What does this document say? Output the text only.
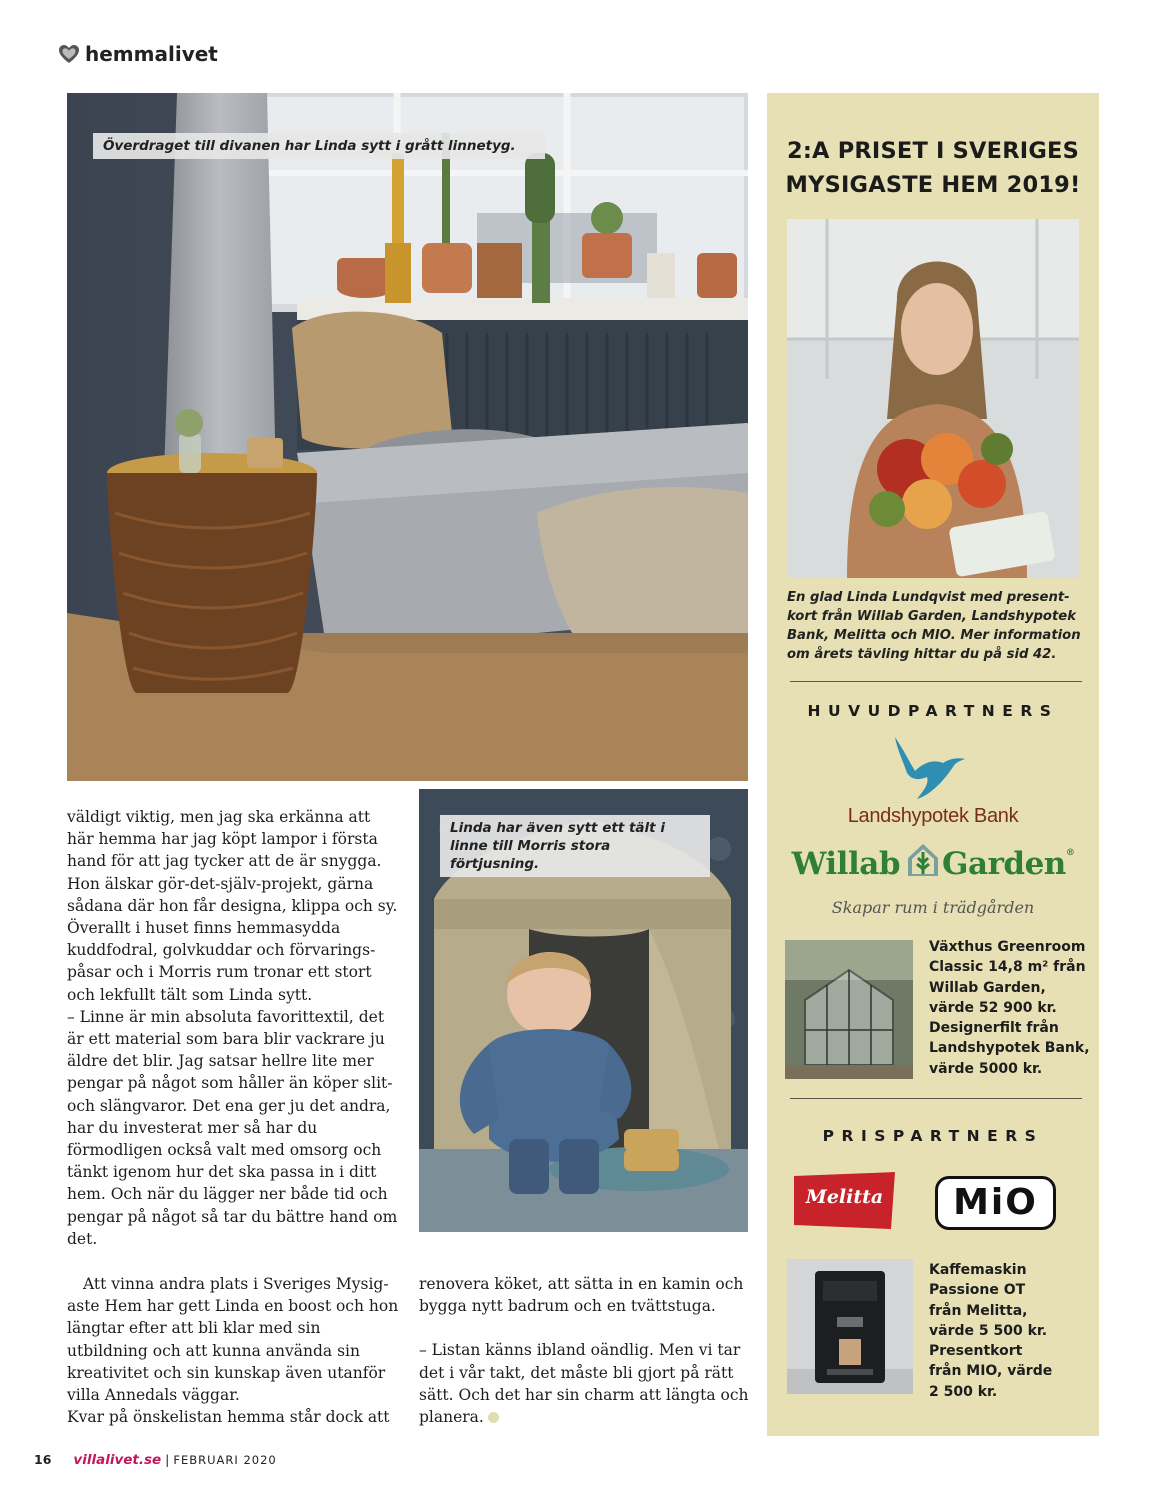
hemmalivet
Överdraget till divanen har Linda sytt i grått linnetyg.
Linda har även sytt ett tält i linne till Morris stora förtjusning.

väldigt viktig, men jag ska erkänna att här hemma har jag köpt lampor i första hand för att jag tycker att de är snygga. Hon älskar gör-det-själv-projekt, gärna sådana där hon får designa, klippa och sy. Överallt i huset finns hemmasydda kuddfodral, golvkuddar och förvaringspåsar och i Morris rum tronar ett stort och lekfullt tält som Linda sytt.

– Linne är min absoluta favorittextil, det är ett material som bara blir vackrare ju äldre det blir. Jag satsar hellre lite mer pengar på något som håller än köper slit- och slängvaror. Det ena ger ju det andra, har du investerat mer så har du förmodligen också valt med omsorg och tänkt igenom hur det ska passa in i ditt hem. Och när du lägger ner både tid och pengar på något så tar du bättre hand om det.

Att vinna andra plats i Sveriges Mysigaste Hem har gett Linda en boost och hon längtar efter att bli klar med sin utbildning och att kunna använda sin kreativitet och sin kunskap även utanför villa Annedals väggar.

Kvar på önskelistan hemma står dock att

renovera köket, att sätta in en kamin och bygga nytt badrum och en tvättstuga.

– Listan känns ibland oändlig. Men vi tar det i vår takt, det måste bli gjort på rätt sätt. Och det har sin charm att längta och planera.

2:A PRISET I SVERIGES
MYSIGASTE HEM 2019!
En glad Linda Lundqvist med presentkort från Willab Garden, Landshypotek Bank, Melitta och MIO. Mer information om årets tävling hittar du på sid 42.
HUVUDPARTNERS
Landshypotek Bank
Willab Garden ®
Skapar rum i trädgården
Växthus Greenroom Classic 14,8 m² från Willab Garden, värde 52 900 kr. Designerfilt från Landshypotek Bank, värde 5000 kr.
PRISPARTNERS
Melitta	MiO
Kaffemaskin Passione OT från Melitta, värde 5 500 kr. Presentkort från MIO, värde 2 500 kr.
16 villalivet.se | FEBRUARI 2020
